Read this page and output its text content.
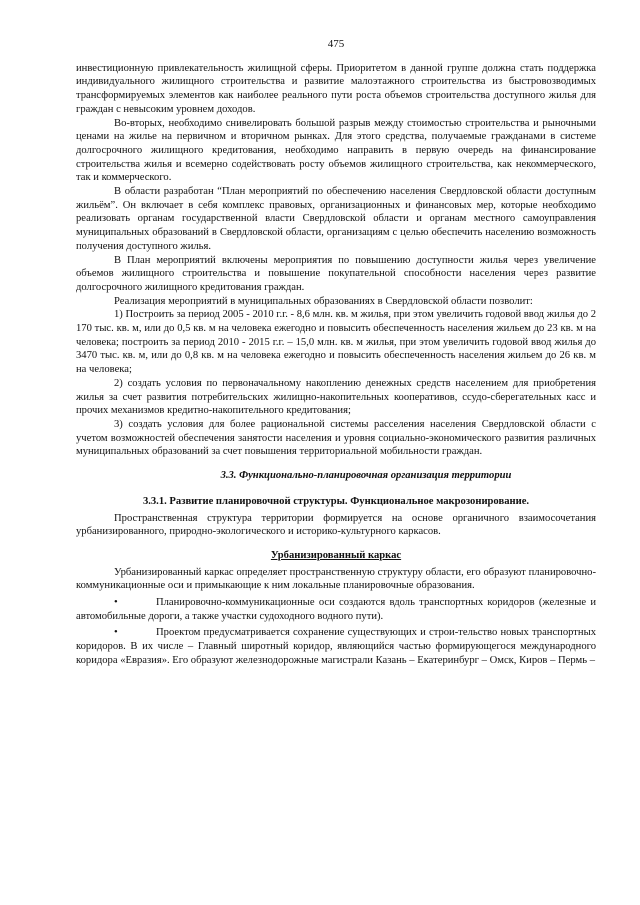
475

инвестиционную привлекательность жилищной сферы. Приоритетом в данной группе должна стать поддержка индивидуального жилищного строительства и развитие малоэтажного строительства из быстровозводимых трансформируемых элементов как наиболее реального пути роста объемов строительства доступного жилья для граждан с невысоким уровнем доходов.

Во-вторых, необходимо снивелировать большой разрыв между стоимостью строительства и рыночными ценами на жилье на первичном и вторичном рынках. Для этого средства, получаемые гражданами в системе долгосрочного жилищного кредитования, необходимо направить в первую очередь на финансирование строительства жилья и всемерно содействовать росту объемов жилищного строительства, как некоммерческого, так и коммерческого.

В области разработан “План мероприятий по обеспечению населения Свердловской области доступным жильём”. Он включает в себя комплекс правовых, организационных и финансовых мер, которые необходимо реализовать органам государственной власти Свердловской области и органам местного самоуправления муниципальных образований в Свердловской области, организациям с целью обеспечить населению возможность получения доступного жилья.

В План мероприятий включены мероприятия по повышению доступности жилья через увеличение объемов жилищного строительства и повышение покупательной способности населения через развитие долгосрочного жилищного кредитования граждан.

Реализация мероприятий в муниципальных образованиях в Свердловской области позволит:

1) Построить за период 2005 - 2010 г.г. - 8,6 млн. кв. м жилья, при этом увеличить годовой ввод жилья до 2 170 тыс. кв. м, или до 0,5 кв. м на человека ежегодно и повысить обеспеченность населения жильем до 23 кв. м на человека; построить за период 2010 - 2015 г.г. – 15,0 млн. кв. м жилья, при этом увеличить годовой ввод жилья до 3470 тыс. кв. м, или до 0,8 кв. м на человека ежегодно и повысить обеспеченность населения жильем до 26 кв. м на человека;

2) создать условия по первоначальному накоплению денежных средств населением для приобретения жилья за счет развития потребительских жилищно-накопительных кооперативов, ссудо-сберегательных касс и прочих механизмов кредитно-накопительного кредитования;

3) создать условия для более рациональной системы расселения населения Свердловской области с учетом возможностей обеспечения занятости населения и уровня социально-экономического развития различных муниципальных образований за счет повышения территориальной мобильности граждан.

3.3. Функционально-планировочная организация территории
3.3.1. Развитие планировочной структуры. Функциональное макрозонирование.

Пространственная структура территории формируется на основе органичного взаимосочетания урбанизированного, природно-экологического и историко-культурного каркасов.

Урбанизированный каркас

Урбанизированный каркас определяет пространственную структуру области, его образуют планировочно-коммуникационные оси и примыкающие к ним локальные планировочные образования.

•	Планировочно-коммуникационные оси создаются вдоль транспортных коридоров (железные и автомобильные дороги, а также участки судоходного водного пути).

•	Проектом предусматривается сохранение существующих и строи-тельство новых транспортных коридоров. В их числе – Главный широтный коридор, являющийся частью формирующегося международного коридора «Евразия». Его образуют железнодорожные магистрали Казань – Екатеринбург – Омск, Киров – Пермь –
